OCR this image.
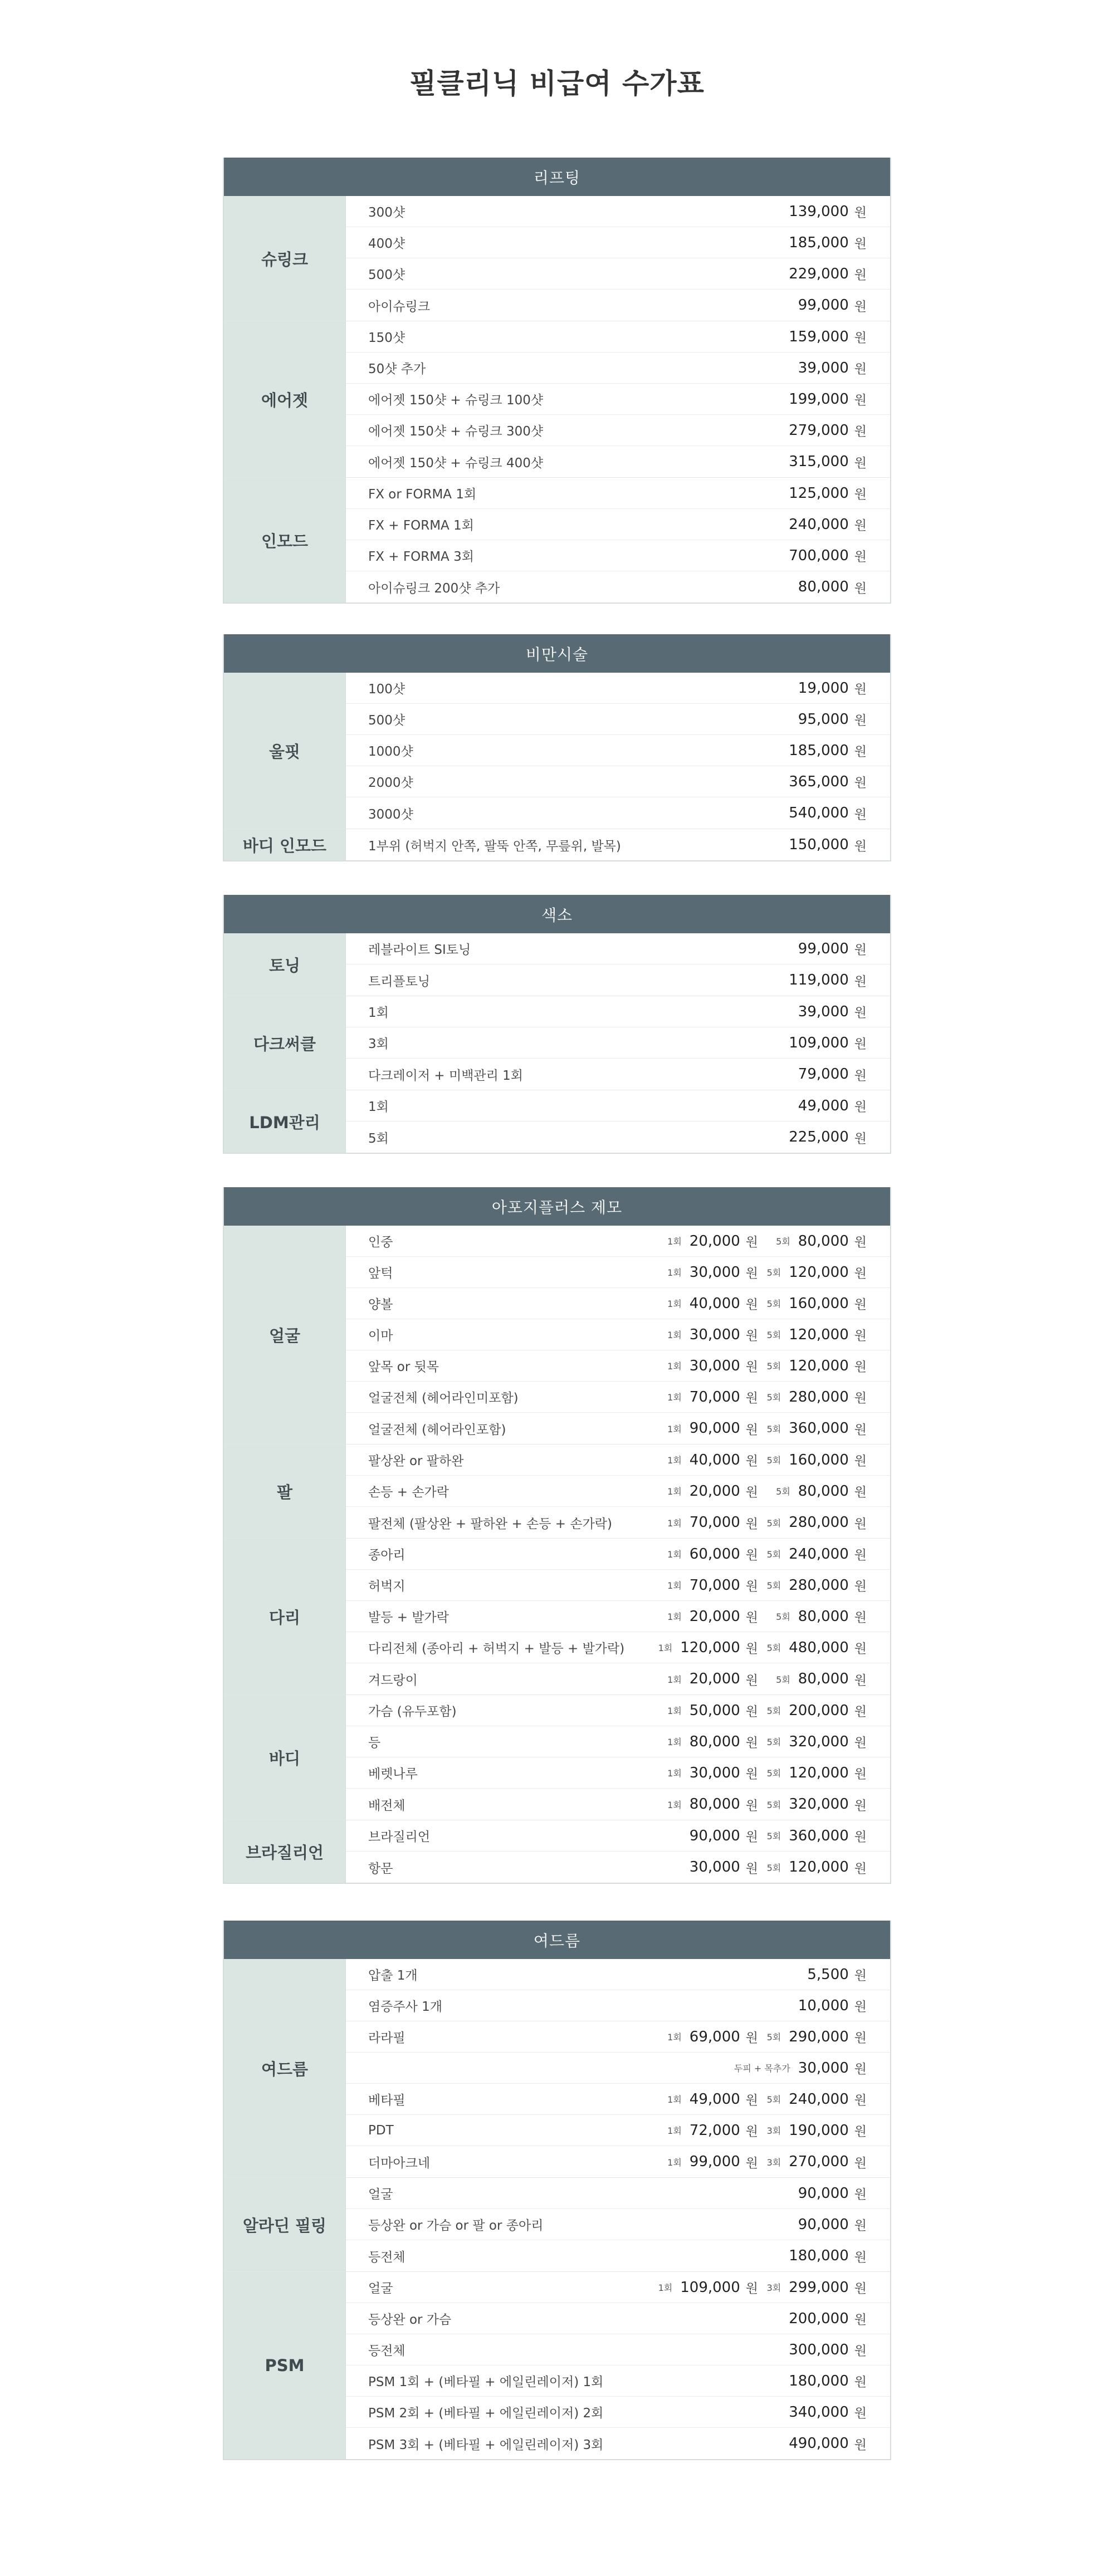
필클리닉 비급여 수가표
리프팅
슈링크
300샷	139,000 원
400샷	185,000 원
500샷	229,000 원
아이슈링크	99,000 원
에어젯
150샷	159,000 원
50샷 추가	39,000 원
에어젯 150샷 + 슈링크 100샷	199,000 원
에어젯 150샷 + 슈링크 300샷	279,000 원
에어젯 150샷 + 슈링크 400샷	315,000 원
인모드
FX or FORMA 1회	125,000 원
FX + FORMA 1회	240,000 원
FX + FORMA 3회	700,000 원
아이슈링크 200샷 추가	80,000 원
비만시술
울핏
100샷	19,000 원
500샷	95,000 원
1000샷	185,000 원
2000샷	365,000 원
3000샷	540,000 원
바디 인모드	1부위 (허벅지 안쪽, 팔뚝 안쪽, 무릎위, 발목)	150,000 원
색소
토닝
레블라이트 SI토닝	99,000 원
트리플토닝	119,000 원
다크써클
1회	39,000 원
3회	109,000 원
다크레이저 + 미백관리 1회	79,000 원
LDM관리
1회	49,000 원
5회	225,000 원
아포지플러스 제모
얼굴
인중	1회 20,000 원 5회 80,000 원
앞턱	1회 30,000 원 5회 120,000 원
양볼	1회 40,000 원 5회 160,000 원
이마	1회 30,000 원 5회 120,000 원
앞목 or 뒷목	1회 30,000 원 5회 120,000 원
얼굴전체 (헤어라인미포함)	1회 70,000 원 5회 280,000 원
얼굴전체 (헤어라인포함)	1회 90,000 원 5회 360,000 원
팔
팔상완 or 팔하완	1회 40,000 원 5회 160,000 원
손등 + 손가락	1회 20,000 원 5회 80,000 원
팔전체 (팔상완 + 팔하완 + 손등 + 손가락)	1회 70,000 원 5회 280,000 원
다리
종아리	1회 60,000 원 5회 240,000 원
허벅지	1회 70,000 원 5회 280,000 원
발등 + 발가락	1회 20,000 원 5회 80,000 원
다리전체 (종아리 + 허벅지 + 발등 + 발가락)	1회 120,000 원 5회 480,000 원
겨드랑이	1회 20,000 원 5회 80,000 원
바디
가슴 (유두포함)	1회 50,000 원 5회 200,000 원
등	1회 80,000 원 5회 320,000 원
베렛나루	1회 30,000 원 5회 120,000 원
배전체	1회 80,000 원 5회 320,000 원
브라질리언
브라질리언	90,000 원 5회 360,000 원
항문	30,000 원 5회 120,000 원
여드름
여드름
압출 1개	5,500 원
염증주사 1개	10,000 원
라라필	1회 69,000 원 5회 290,000 원
두피 + 목추가 30,000 원
베타필	1회 49,000 원 5회 240,000 원
PDT	1회 72,000 원 3회 190,000 원
더마아크네	1회 99,000 원 3회 270,000 원
알라딘 필링
얼굴	90,000 원
등상완 or 가슴 or 팔 or 종아리	90,000 원
등전체	180,000 원
PSM
얼굴	1회 109,000 원 3회 299,000 원
등상완 or 가슴	200,000 원
등전체	300,000 원
PSM 1회 + (베타필 + 에일린레이저) 1회	180,000 원
PSM 2회 + (베타필 + 에일린레이저) 2회	340,000 원
PSM 3회 + (베타필 + 에일린레이저) 3회	490,000 원
